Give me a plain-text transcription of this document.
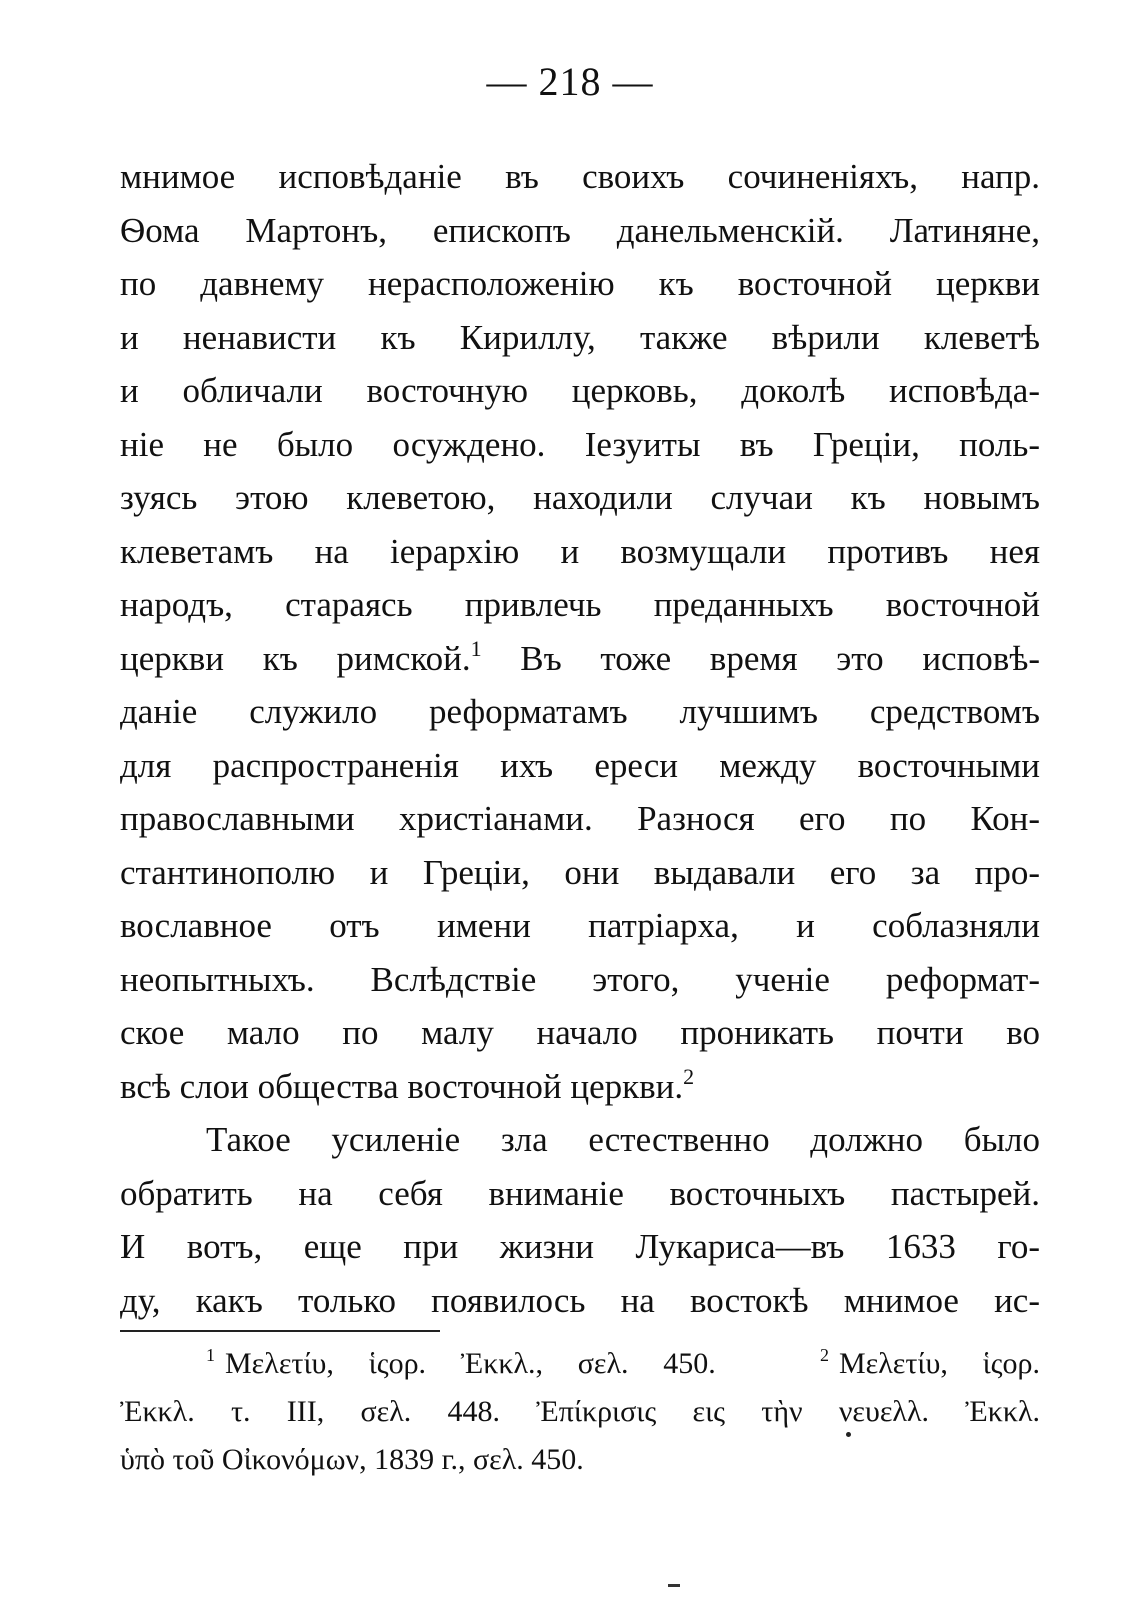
— 218 —
мнимое исповѣданіе въ своихъ сочиненіяхъ, напр.
Ѳома Мартонъ, епископъ данельменскій. Латиняне,
по давнему нерасположенію къ восточной церкви
и ненависти къ Кириллу, также вѣрили клеветѣ
и обличали восточную церковь, доколѣ исповѣда-
ніе не было осуждено. Іезуиты въ Греціи, поль-
зуясь этою клеветою, находили случаи къ новымъ
клеветамъ на іерархію и возмущали противъ нея
народъ, стараясь привлечь преданныхъ восточной
церкви къ римской.$^1$ Въ тоже время это исповѣ-
даніе служило реформатамъ лучшимъ средствомъ
для распространенія ихъ ереси между восточными
православными христіанами. Разнося его по Кон-
стантинополю и Греціи, они выдавали его за про-
вославное отъ имени патріарха, и соблазняли
неопытныхъ. Вслѣдствіе этого, ученіе реформат-
ское мало по малу начало проникать почти во
всѣ слои общества восточной церкви.$^2$
Такое усиленіе зла естественно должно было
обратить на себя вниманіе восточныхъ пастырей.
И вотъ, еще при жизни Лукариса—въ 1633 го-
ду, какъ только появилось на востокѣ мнимое ис-
$^1$ Μελετίυ, ἱςορ. Ἐκκλ., σελ. 450.	$^2$ Μελετίυ, ἱςορ.
Ἐκκλ. τ. III, σελ. 448. Ἐπίκρισις εις τὴν νευελλ. Ἐκκλ.
ὑπὸ τοῦ Οἰκονόμων, 1839 г., σελ. 450.
